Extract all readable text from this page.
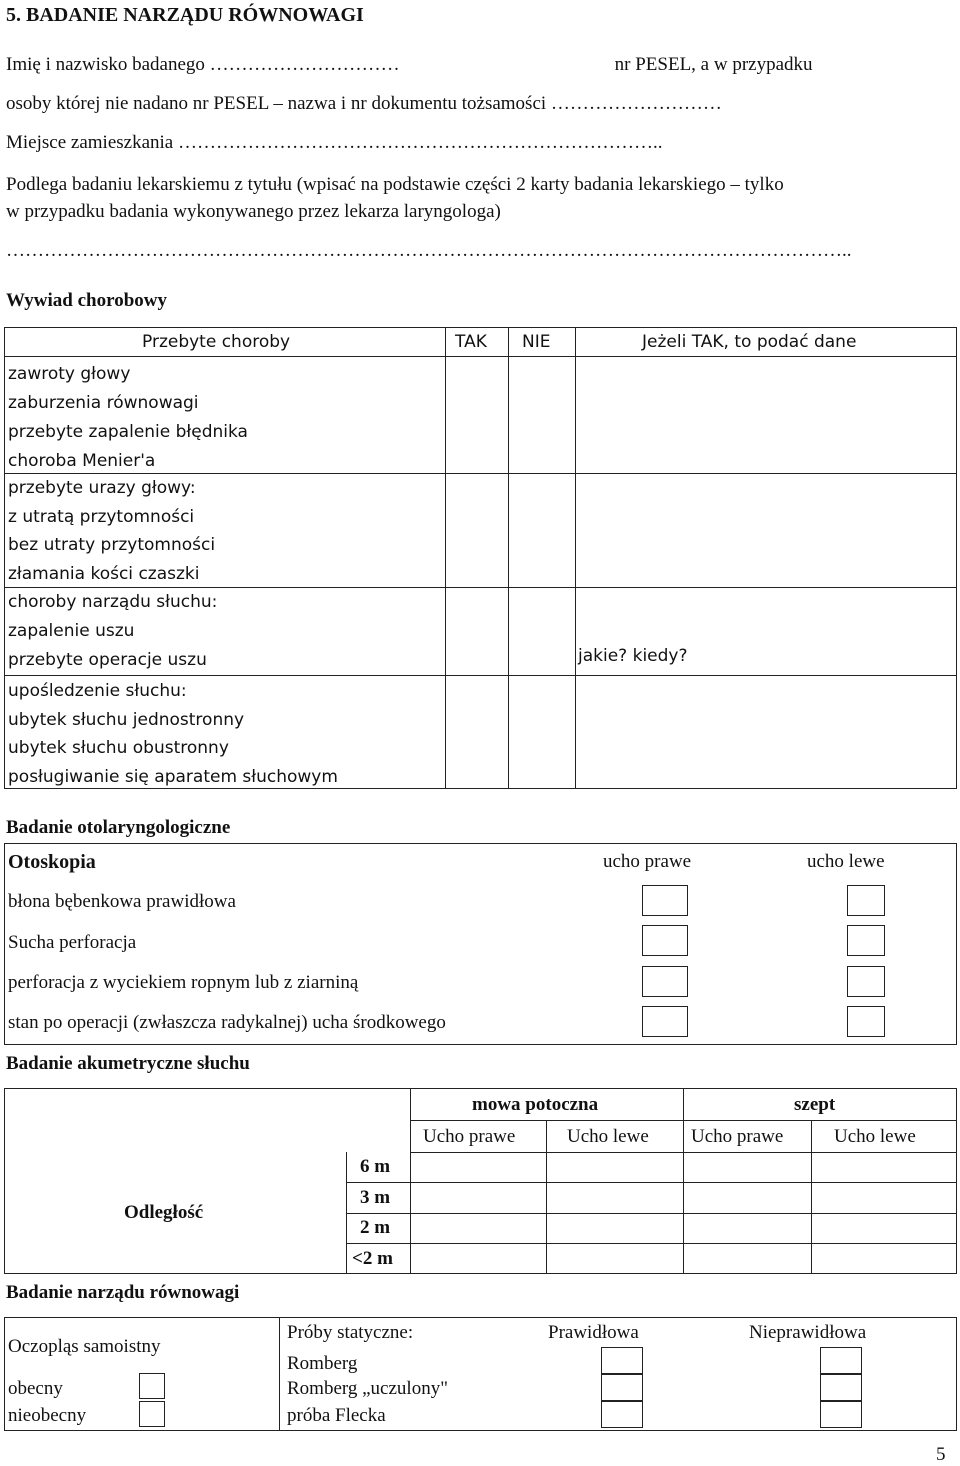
5. BADANIE NARZĄDU RÓWNOWAGI
Imię i nazwisko badanego …………………………	nr PESEL, a w przypadku
osoby której nie nadano nr PESEL – nazwa i nr dokumentu tożsamości ………………………
Miejsce zamieszkania …………………………………………………………………..
Podlega badaniu lekarskiemu z tytułu (wpisać na podstawie części 2 karty badania lekarskiego – tylko
w przypadku badania wykonywanego przez lekarza laryngologa)
……………………………………………………………………………………………………………………..
Wywiad chorobowy
Przebyte choroby	TAK NIE	Jeżeli TAK, to podać dane
zawroty głowy
zaburzenia równowagi
przebyte zapalenie błędnika
choroba Menier'a
przebyte urazy głowy:
z utratą przytomności
bez utraty przytomności
złamania kości czaszki
choroby narządu słuchu:
zapalenie uszu
przebyte operacje uszu	jakie? kiedy?
upośledzenie słuchu:
ubytek słuchu jednostronny
ubytek słuchu obustronny
posługiwanie się aparatem słuchowym
Badanie otolaryngologiczne
Otoskopia	ucho prawe	ucho lewe
błona bębenkowa prawidłowa
Sucha perforacja
perforacja z wyciekiem ropnym lub z ziarniną
stan po operacji (zwłaszcza radykalnej) ucha środkowego
Badanie akumetryczne słuchu
Odległość
6 m
3 m
2 m
<2 m
mowa potoczna	szept
Ucho prawe	Ucho lewe Ucho prawe	Ucho lewe
Badanie narządu równowagi
Oczopląs samoistny
obecny
nieobecny
Próby statyczne:	Prawidłowa	Nieprawidłowa
Romberg
Romberg „uczulony"
próba Flecka
5
